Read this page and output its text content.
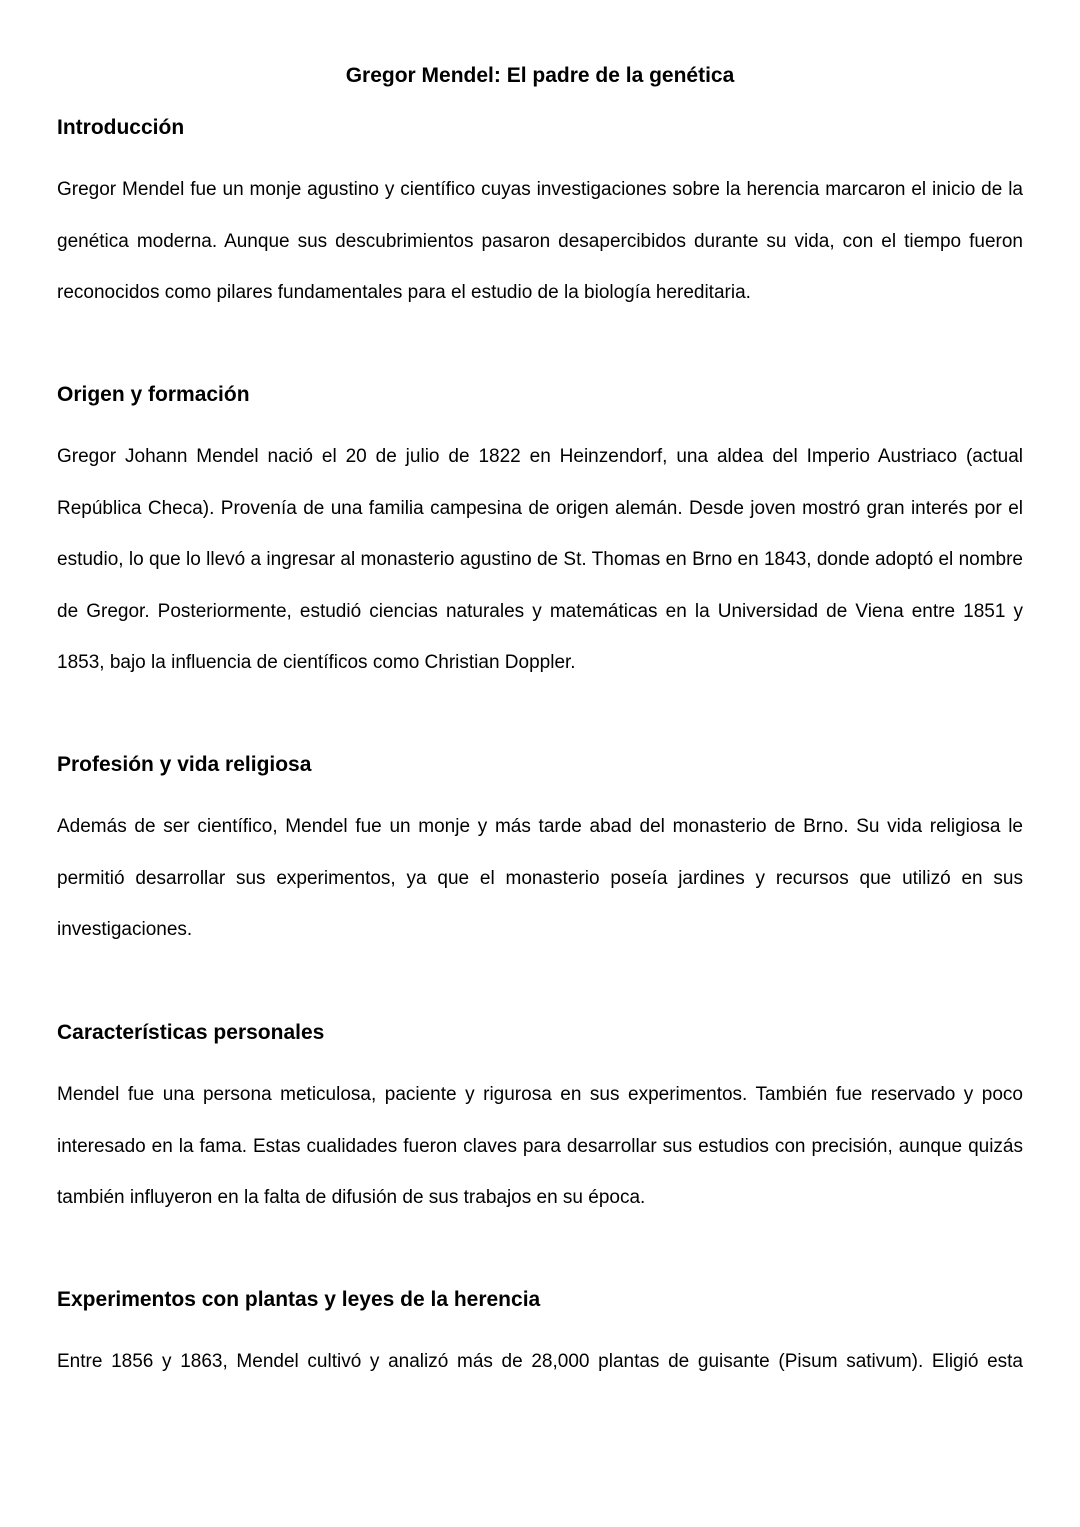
Gregor Mendel: El padre de la genética
Introducción

Gregor Mendel fue un monje agustino y científico cuyas investigaciones sobre la herencia marcaron el inicio de la genética moderna. Aunque sus descubrimientos pasaron desapercibidos durante su vida, con el tiempo fueron reconocidos como pilares fundamentales para el estudio de la biología hereditaria.

Origen y formación

Gregor Johann Mendel nació el 20 de julio de 1822 en Heinzendorf, una aldea del Imperio Austriaco (actual República Checa). Provenía de una familia campesina de origen alemán. Desde joven mostró gran interés por el estudio, lo que lo llevó a ingresar al monasterio agustino de St. Thomas en Brno en 1843, donde adoptó el nombre de Gregor. Posteriormente, estudió ciencias naturales y matemáticas en la Universidad de Viena entre 1851 y 1853, bajo la influencia de científicos como Christian Doppler.

Profesión y vida religiosa

Además de ser científico, Mendel fue un monje y más tarde abad del monasterio de Brno. Su vida religiosa le permitió desarrollar sus experimentos, ya que el monasterio poseía jardines y recursos que utilizó en sus investigaciones.

Características personales

Mendel fue una persona meticulosa, paciente y rigurosa en sus experimentos. También fue reservado y poco interesado en la fama. Estas cualidades fueron claves para desarrollar sus estudios con precisión, aunque quizás también influyeron en la falta de difusión de sus trabajos en su época.

Experimentos con plantas y leyes de la herencia

Entre 1856 y 1863, Mendel cultivó y analizó más de 28,000 plantas de guisante (Pisum sativum). Eligió esta
